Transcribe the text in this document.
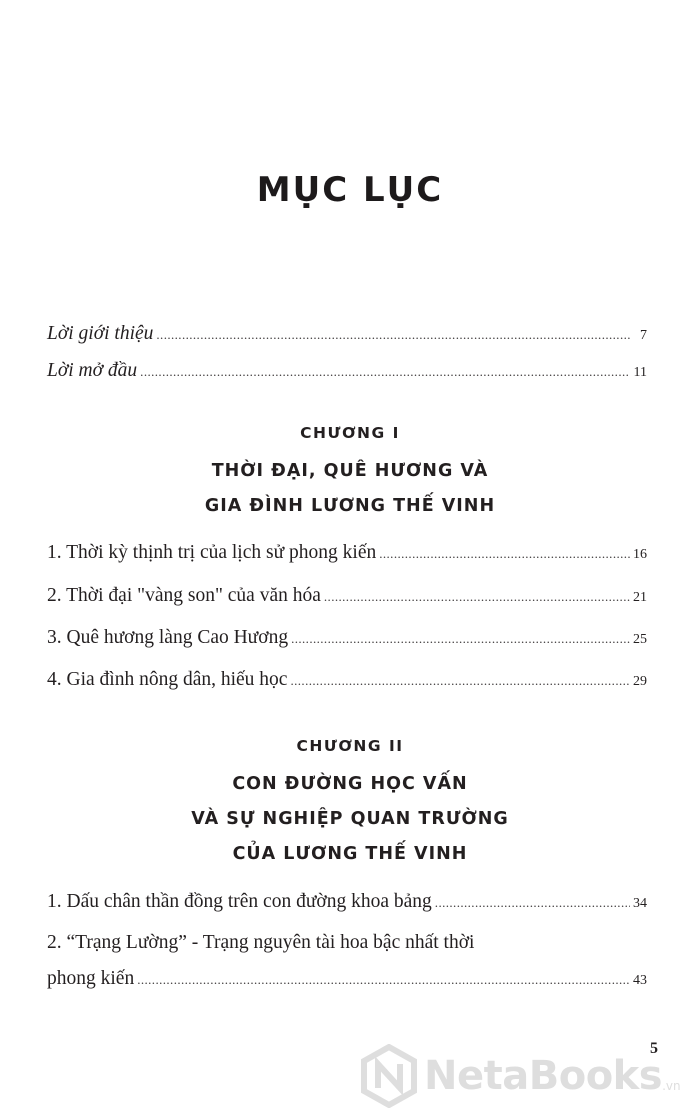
MỤC LỤC
Lời giới thiệu .....	7
Lời mở đầu .....	11
CHƯƠNG I
THỜI ĐẠI, QUÊ HƯƠNG VÀ
GIA ĐÌNH LƯƠNG THẾ VINH
1. Thời kỳ thịnh trị của lịch sử phong kiến .....	16
2. Thời đại "vàng son" của văn hóa .....	21
3. Quê hương làng Cao Hương .....	25
4. Gia đình nông dân, hiếu học .....	29
CHƯƠNG II
CON ĐƯỜNG HỌC VẤN
VÀ SỰ NGHIỆP QUAN TRƯỜNG
CỦA LƯƠNG THẾ VINH
1. Dấu chân thần đồng trên con đường khoa bảng .....	34
2. “Trạng Lường” - Trạng nguyên tài hoa bậc nhất thời
phong kiến .....	43
NetaBooks .vn
5
